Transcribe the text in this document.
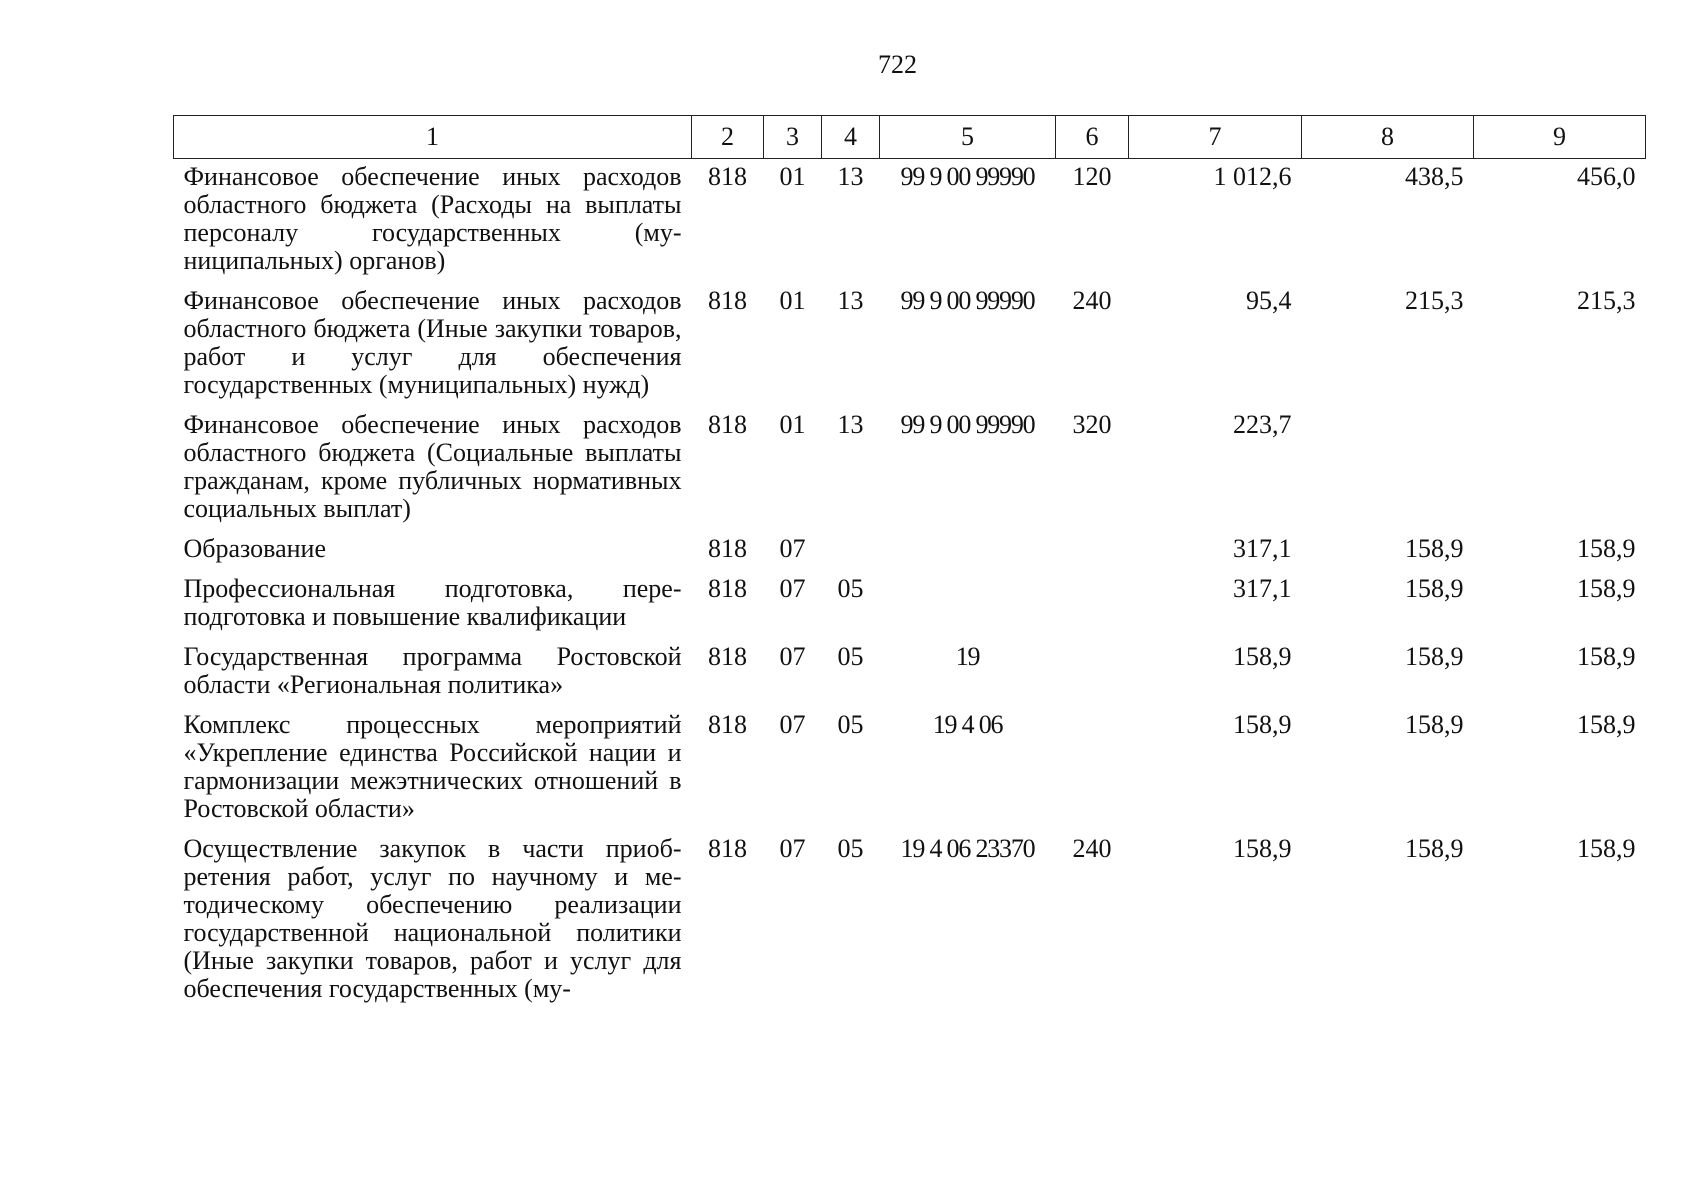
722
1	2	3	4	5	6	7	8	9
Финансовое обеспечение иных расходов областного бюджета (Расходы на выплаты персоналу государственных (муниципальных) органов)	818	01	13	99 9 00 99990	120	1 012,6	438,5	456,0
Финансовое обеспечение иных расходов областного бюджета (Иные закупки товаров, работ и услуг для обеспечения государственных (муниципальных) нужд)	818	01	13	99 9 00 99990	240	95,4	215,3	215,3
Финансовое обеспечение иных расходов областного бюджета (Социальные выплаты гражданам, кроме публичных нормативных социальных выплат)	818	01	13	99 9 00 99990	320	223,7		
Образование	818	07				317,1	158,9	158,9
Профессиональная подготовка, переподготовка и повышение квалификации	818	07	05			317,1	158,9	158,9
Государственная программа Ростовской области «Региональная политика»	818	07	05	19		158,9	158,9	158,9
Комплекс процессных мероприятий «Укрепление единства Российской нации и гармонизации межэтнических отношений в Ростовской области»	818	07	05	19 4 06		158,9	158,9	158,9
Осуществление закупок в части приобретения работ, услуг по научному и методическому обеспечению реализации государственной национальной политики (Иные закупки товаров, работ и услуг для обеспечения государственных (му-	818	07	05	19 4 06 23370	240	158,9	158,9	158,9
